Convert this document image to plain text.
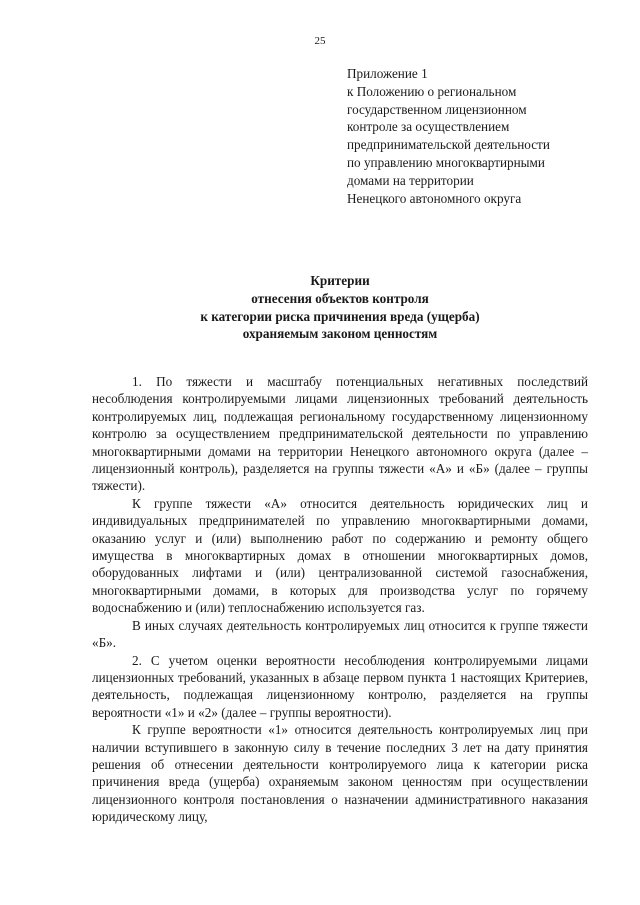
25
Приложение 1
к Положению о региональном
государственном лицензионном
контроле за осуществлением
предпринимательской деятельности
по управлению многоквартирными
домами на территории
Ненецкого автономного округа
Критерии
отнесения объектов контроля
к категории риска причинения вреда (ущерба)
охраняемым законом ценностям

1. По тяжести и масштабу потенциальных негативных последствий несоблюдения контролируемыми лицами лицензионных требований деятельность контролируемых лиц, подлежащая региональному государственному лицензионному контролю за осуществлением предпринимательской деятельности по управлению многоквартирными домами на территории Ненецкого автономного округа (далее – лицензионный контроль), разделяется на группы тяжести «А» и «Б» (далее – группы тяжести).

К группе тяжести «А» относится деятельность юридических лиц и индивидуальных предпринимателей по управлению многоквартирными домами, оказанию услуг и (или) выполнению работ по содержанию и ремонту общего имущества в многоквартирных домах в отношении многоквартирных домов, оборудованных лифтами и (или) централизованной системой газоснабжения, многоквартирными домами, в которых для производства услуг по горячему водоснабжению и (или) теплоснабжению используется газ.

В иных случаях деятельность контролируемых лиц относится к группе тяжести «Б».

2. С учетом оценки вероятности несоблюдения контролируемыми лицами лицензионных требований, указанных в абзаце первом пункта 1 настоящих Критериев, деятельность, подлежащая лицензионному контролю, разделяется на группы вероятности «1» и «2» (далее – группы вероятности).

К группе вероятности «1» относится деятельность контролируемых лиц при наличии вступившего в законную силу в течение последних 3 лет на дату принятия решения об отнесении деятельности контролируемого лица к категории риска причинения вреда (ущерба) охраняемым законом ценностям при осуществлении лицензионного контроля постановления о назначении административного наказания юридическому лицу,
